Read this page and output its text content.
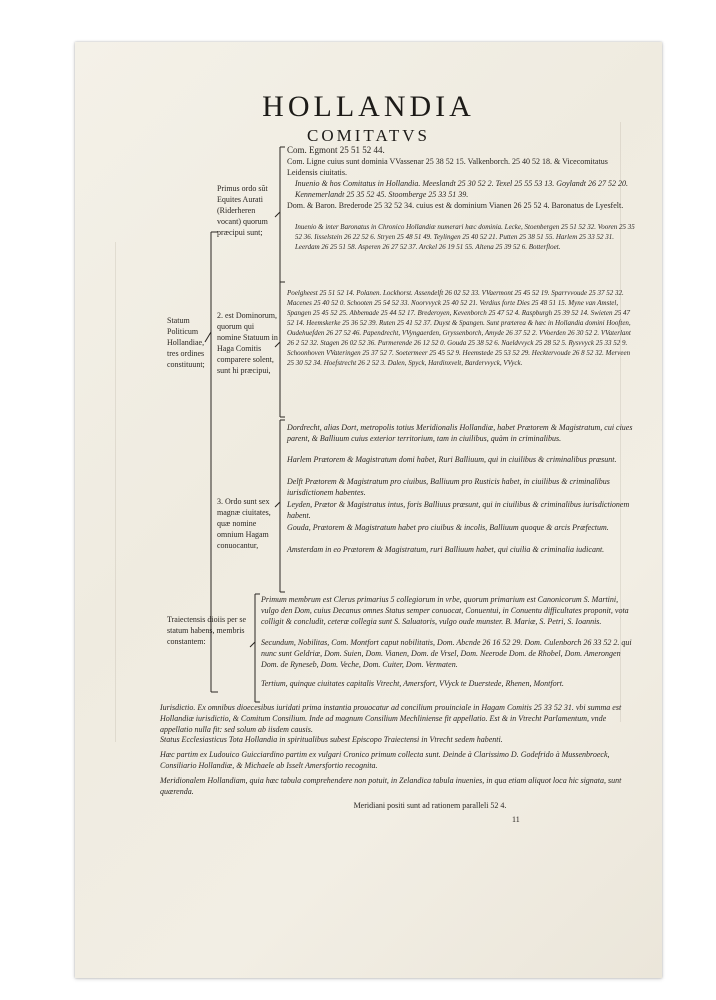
HOLLANDIA
COMITATVS
Statum Politicum Hollandiae, tres ordines constituunt;
Primus ordo sũt Equites Aurati (Riderheren vocant) quorum præcipui sunt;
2. est Dominorum, quorum qui nomine Statuum in Haga Comitis comparere solent, sunt hi præcipui,
3. Ordo sunt sex magnæ ciuitates, quæ nomine omnium Hagam conuocantur,
Traiectensis dioiis per se statum habens, membris constantem:
Com. Egmont 25 51 52 44.
Com. Ligne cuius sunt dominia VVassenar 25 38 52 15. Valkenborch. 25 40 52 18. & Vicecomitatus Leidensis ciuitatis.
Inuenio & hos Comitatus in Hollandia. Meeslandt 25 30 52 2. Texel 25 55 53 13. Goylandt 26 27 52 20. Kennemerlandt 25 35 52 45. Stoomberge 25 33 51 39.
Dom. & Baron. Brederode 25 32 52 34. cuius est & dominium Vianen 26 25 52 4. Baronatus de Lyesfelt.
Inuenio & inter Baronatus in Chronico Hollandiæ numerari hæc dominia. Lecke, Stoenbergen 25 51 52 32. Vooren 25 35 52 36. Iisselstein 26 22 52 6. Stryen 25 48 51 49. Teylingen 25 40 52 21. Putten 25 38 51 55. Harlem 25 33 52 31. Leerdam 26 25 51 58. Asperen 26 27 52 37. Arckel 26 19 51 55. Altena 25 39 52 6. Botterfloet.
Poelgheest 25 51 52 14. Polanen. Lockhorst. Assendelft 26 02 52 33. VVaermont 25 45 52 19. Sparrvvoude 25 37 52 32. Macenes 25 40 52 0. Schooten 25 54 52 33. Noorvvyck 25 40 52 21. Verdius forte Dies 25 48 51 15. Myne van Amstel, Spangen 25 45 52 25. Abbemade 25 44 52 17. Brederoyen, Kevenborch 25 47 52 4. Raspburgh 25 39 52 14. Swieten 25 47 52 14. Heemskerke 25 36 52 39. Ruten 25 41 52 37. Duyst & Spangen. Sunt præterea & hæc in Hollandia domini Hooften, Oudehuefden 26 27 52 46. Papendrecht, VVyngaerden, Gryssenborch, Amyde 26 37 52 2. VVoerden 26 30 52 2. VVaterlant 26 2 52 32. Stagen 26 02 52 36. Purmerende 26 12 52 0. Gouda 25 38 52 6. Naeldvvyck 25 28 52 5. Rysvvyck 25 33 52 9. Schoonhoven VVateringen 25 37 52 7. Soetermeer 25 45 52 9. Heemstede 25 53 52 29. Hecktervoude 26 8 52 32. Merveen 25 30 52 34. Hoefstrecht 26 2 52 3. Dalen, Spyck, Hardinxvelt, Bardervvyck, VVyck.
Dordrecht, alias Dort, metropolis totius Meridionalis Hollandiæ, habet Prætorem & Magistratum, cui ciues parent, & Balliuum cuius exterior territorium, tam in ciuilibus, quàm in criminalibus.
Harlem Prætorem & Magistratum domi habet, Ruri Balliuum, qui in ciuilibus & criminalibus præsunt.
Delft Prætorem & Magistratum pro ciuibus, Balliuum pro Rusticis habet, in ciuilibus & criminalibus iurisdictionem habentes.
Leyden, Prætor & Magistratus intus, foris Balliuus præsunt, qui in ciuilibus & criminalibus iurisdictionem habent.
Gouda, Prætorem & Magistratum habet pro ciuibus & incolis, Balliuum quoque & arcis Præfectum.
Amsterdam in eo Prætorem & Magistratum, ruri Balliuum habet, qui ciuilia & criminalia iudicant.
Primum membrum est Clerus primarius 5 collegiorum in vrbe, quorum primarium est Canonicorum S. Martini, vulgo den Dom, cuius Decanus omnes Status semper conuocat, Conuentui, in Conuentu difficultates proponit, vota colligit & concludit, ceteræ collegia sunt S. Saluatoris, vulgo oude munster. B. Mariæ, S. Petri, S. Ioannis.
Secundum, Nobilitas, Com. Montfort caput nobilitatis, Dom. Abcnde 26 16 52 29. Dom. Culenborch 26 33 52 2. qui nunc sunt Geldriæ, Dom. Suien, Dom. Vianen, Dom. de Vrsel, Dom. Neerode Dom. de Rhobel, Dom. Amerongen Dom. de Ryneseb, Dom. Veche, Dom. Cuiter, Dom. Vermaten.
Tertium, quinque ciuitates capitalis Vtrecht, Amersfort, VVyck te Duerstede, Rhenen, Montfort.
Iurisdictio. Ex omnibus dioecesibus iuridati prima instantia prouocatur ad concilium prouinciale in Hagam Comitis 25 33 52 31. vbi summa est Hollandiæ iurisdictio, & Comitum Consilium. Inde ad magnum Consilium Mechliniense fit appellatio. Est & in Vtrecht Parlamentum, vnde appellatio nulla fit: sed solum ab iisdem causis.
Status Ecclesiasticus Tota Hollandia in spiritualibus subest Episcopo Traiectensi in Vtrecht sedem habenti.
Hæc partim ex Ludouico Guicciardino partim ex vulgari Cronico primum collecta sunt. Deinde à Clarissimo D. Godefrido à Mussenbroeck, Consiliario Hollandiæ, & Michaele ab Isselt Amersfortio recognita.
Meridionalem Hollandiam, quia hæc tabula comprehendere non potuit, in Zelandica tabula inuenies, in qua etiam aliquot loca hic signata, sunt quærenda.
Meridiani positi sunt ad rationem paralleli 52 4.
11
